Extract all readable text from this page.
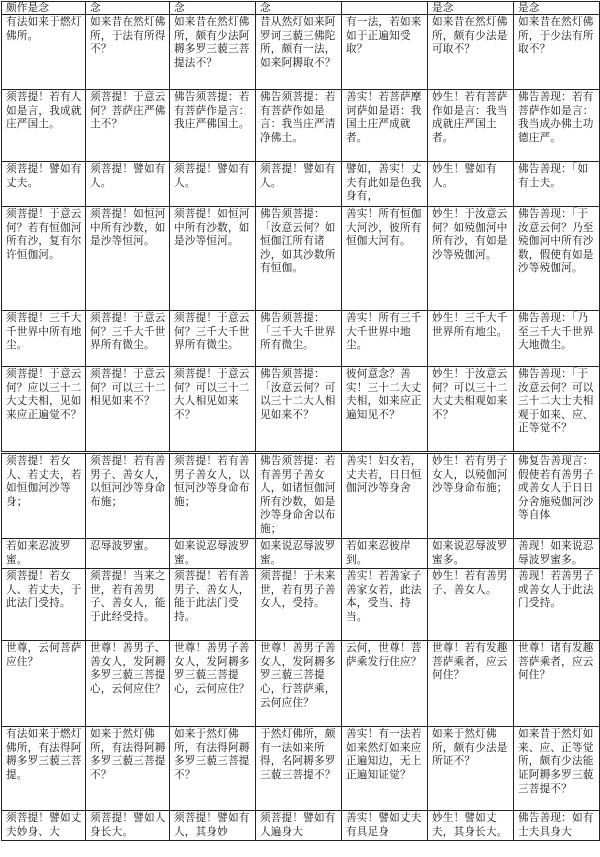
颇作是念	念	念	念		是念	是念
有法如来于燃灯佛所。	如来昔在然灯佛所，于法有所得不？	如来昔在然灯佛所，颇有少法阿耨多罗三藐三菩提法不？	昔从然灯如来阿罗诃三藐三佛陀所，颇有一法，如来阿耨取不？	有一法，若如来如于正遍知受取？	如来昔在然灯佛所，颇有少法是可取不？	如来昔在然灯佛所，于少法有所取不？
须菩提！若有人如是言，我成就庄严国土。	须菩提！于意云何？菩萨庄严佛土不？	佛告须菩提：若有菩萨作是言：我庄严佛国土。	佛告须菩提：若有菩萨作如是言：我当庄严清净佛土。	善实！若菩萨摩诃萨如是语：我国土庄严成就者。	妙生！若有菩萨作如是言：我当成就庄严国土者。	佛告善现：若有菩萨作如是言：我当成办佛土功德庄严。
须菩提！譬如有丈夫。	须菩提！譬如有人。	须菩提！譬如有人。	须菩提！譬如有人。	譬如，善实！丈夫有此如是色我身有，	妙生！譬如有人。	佛告善现：「如有士夫。
须菩提！于意云何？若有恒伽河所有沙，复有尔许恒伽河。	须菩提！如恒河中所有沙数，如是沙等恒河。	须菩提！如恒河中所有沙数，如是沙等恒河。	佛告须菩提：「汝意云何？如恒伽江所有诸沙，如其沙数所有恒伽。	善实！所有恒伽大河沙，彼所有恒伽大河有。	妙生！于汝意云何？如殑伽河中所有沙，有如是沙等殑伽河。	佛告善现：「于汝意云何？乃至殑伽河中所有沙数，假使有如是沙等殑伽河。
须菩提！三千大千世界中所有地尘。	须菩提！于意云何？三千大千世界所有微尘。	须菩提！于意云何？三千大千世界所有微尘。	佛告须菩提：「三千大千世界所有微尘。	善实！所有三千大千世界中地尘。	妙生！三千大千世界所有地尘。	佛告善现：「乃至三千大千世界大地微尘。
须菩提！于意云何？应以三十二大丈夫相，见如来应正遍觉不？	须菩提！于意云何？可以三十二相见如来不？	须菩提！于意云何？可以三十二大人相见如来不？	佛告须菩提：「汝意云何？可以三十二大人相见如来不？	彼何意念？善实！三十二大丈夫相，如来应正遍知见不？	妙生！于汝意云何？可以三十二大丈夫相观如来不？	佛告善现：「于汝意云何？可以三十二大士夫相观于如来、应、正等觉不？
须菩提！若女人、若丈夫，若如恒伽河沙等身；	须菩提！若有善男子、善女人，以恒河沙等身命布施；	须菩提！若有善男子善女人，以恒河沙等身命布施；	佛告须菩提：若有善男子善女人，如诸恒伽河所有沙数，如是沙等身命舍以布施；	善实！妇女若，丈夫若，日日恒伽河沙等身舍	妙生！若有男子女人，以殑伽河沙等身命布施；	佛复告善现言：假使若有善男子或善女人于日日分舍施殑伽河沙等自体
若如来忍波罗蜜。	忍辱波罗蜜。	如来说忍辱波罗蜜。	如来说忍辱波罗蜜。	若如来忍彼岸到。	如来说忍辱波罗蜜多。	善现！如来说忍辱波罗蜜多。
须菩提！若女人、若丈夫，于此法门受持。	须菩提！当来之世，若有善男子、善女人，能于此经受持。	须菩提！若有善男子、善女人，能于此法门受持。	须菩提！于未来世，若有男子善女人，受持。	善实！若善家子善家女若，此法本，受当、持当。	妙生！若有善男子、善女人。	善现！若善男子或善女人于此法门受持。
世尊，云何菩萨应住？	世尊！善男子、善女人，发阿耨多罗三藐三菩提心，云何应住？	世尊！善男子善女人，发阿耨多罗三藐三菩提心，云何应住？	世尊！善男子善女人，发阿耨多罗三藐三菩提心，行菩萨乘，云何应住？	云何，世尊！菩萨乘发行住应？	世尊！若有发趣菩萨乘者，应云何住？	世尊！诸有发趣菩萨乘者，应云何住？
有法如来于燃灯佛所，有法得阿耨多罗三藐三菩提。	如来于然灯佛所，有法得阿耨多罗三藐三菩提不？	如来于然灯佛所，有法得阿耨多罗三藐三菩提不？	于然灯佛所，颇有一法如来所得，名阿耨多罗三藐三菩提不？	善实！有一法若如来然灯如来应正遍知边，无上正遍知证觉？	如来于然灯佛所，颇有少法是所证不？	如来昔于然灯如来、应、正等觉所，颇有少法能证阿耨多罗三藐三菩提不？
须菩提！譬如丈夫妙身、大	须菩提！譬如人身长大。	须菩提！譬如有人，其身妙	须菩提！譬如有人遍身大	善实！譬如丈夫有具足身	妙生！譬如丈夫，其身长大。	佛告善现：如有士夫具身大
